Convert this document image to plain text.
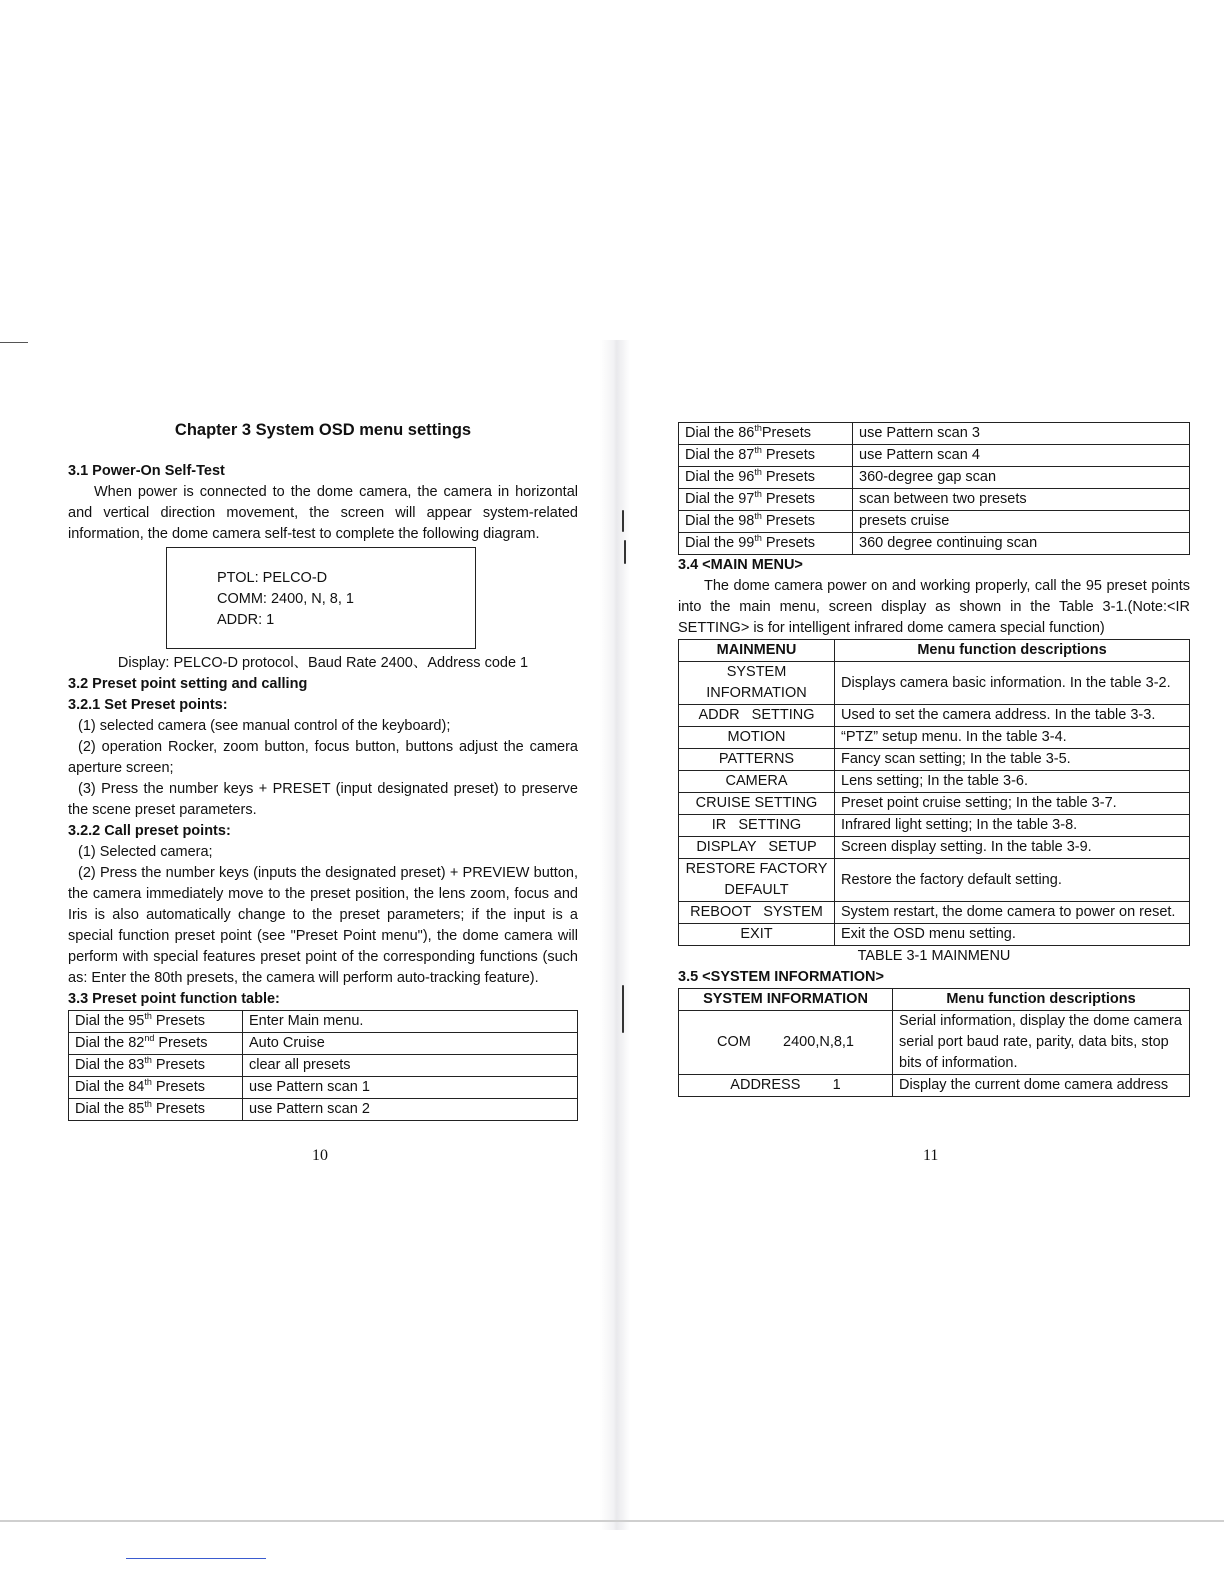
Chapter 3 System OSD menu settings

3.1 Power-On Self-Test

When power is connected to the dome camera, the camera in horizontal and vertical direction movement, the screen will appear system-related information, the dome camera self-test to complete the following diagram.

PTOL: PELCO-D
COMM: 2400, N, 8, 1
ADDR: 1

Display: PELCO-D protocol、Baud Rate 2400、Address code 1

3.2 Preset point setting and calling

3.2.1 Set Preset points:

(1) selected camera (see manual control of the keyboard);

(2) operation Rocker, zoom button, focus button, buttons adjust the camera aperture screen;

(3) Press the number keys + PRESET (input designated preset) to preserve the scene preset parameters.

3.2.2 Call preset points:

(1) Selected camera;

(2) Press the number keys (inputs the designated preset) + PREVIEW button, the camera immediately move to the preset position, the lens zoom, focus and Iris is also automatically change to the preset parameters; if the input is a special function preset point (see "Preset Point menu"), the dome camera will perform with special features preset point of the corresponding functions (such as: Enter the 80th presets, the camera will perform auto-tracking feature).

3.3 Preset point function table:

Dial the 95th Presets	Enter Main menu.
Dial the 82nd Presets	Auto Cruise
Dial the 83th Presets	clear all presets
Dial the 84th Presets	use Pattern scan 1
Dial the 85th Presets	use Pattern scan 2
10
Dial the 86thPresets	use Pattern scan 3
Dial the 87th Presets	use Pattern scan 4
Dial the 96th Presets	360-degree gap scan
Dial the 97th Presets	scan between two presets
Dial the 98th Presets	presets cruise
Dial the 99th Presets	360 degree continuing scan

3.4 <MAIN MENU>

The dome camera power on and working properly, call the 95 preset points into the main menu, screen display as shown in the Table 3-1.(Note:<IR SETTING> is for intelligent infrared dome camera special function)

MAINMENU	Menu function descriptions
SYSTEM INFORMATION	Displays camera basic information. In the table 3-2.
ADDR   SETTING	Used to set the camera address. In the table 3-3.
MOTION	“PTZ” setup menu. In the table 3-4.
PATTERNS	Fancy scan setting; In the table 3-5.
CAMERA	Lens setting; In the table 3-6.
CRUISE SETTING	Preset point cruise setting; In the table 3-7.
IR   SETTING	Infrared light setting; In the table 3-8.
DISPLAY   SETUP	Screen display setting. In the table 3-9.
RESTORE FACTORY DEFAULT	Restore the factory default setting.
REBOOT   SYSTEM	System restart, the dome camera to power on reset.
EXIT	Exit the OSD menu setting.

TABLE 3-1 MAINMENU

3.5 <SYSTEM INFORMATION>

SYSTEM INFORMATION	Menu function descriptions
COM        2400,N,8,1	Serial information, display the dome camera serial port baud rate, parity, data bits, stop bits of information.
ADDRESS        1	Display the current dome camera address
11
